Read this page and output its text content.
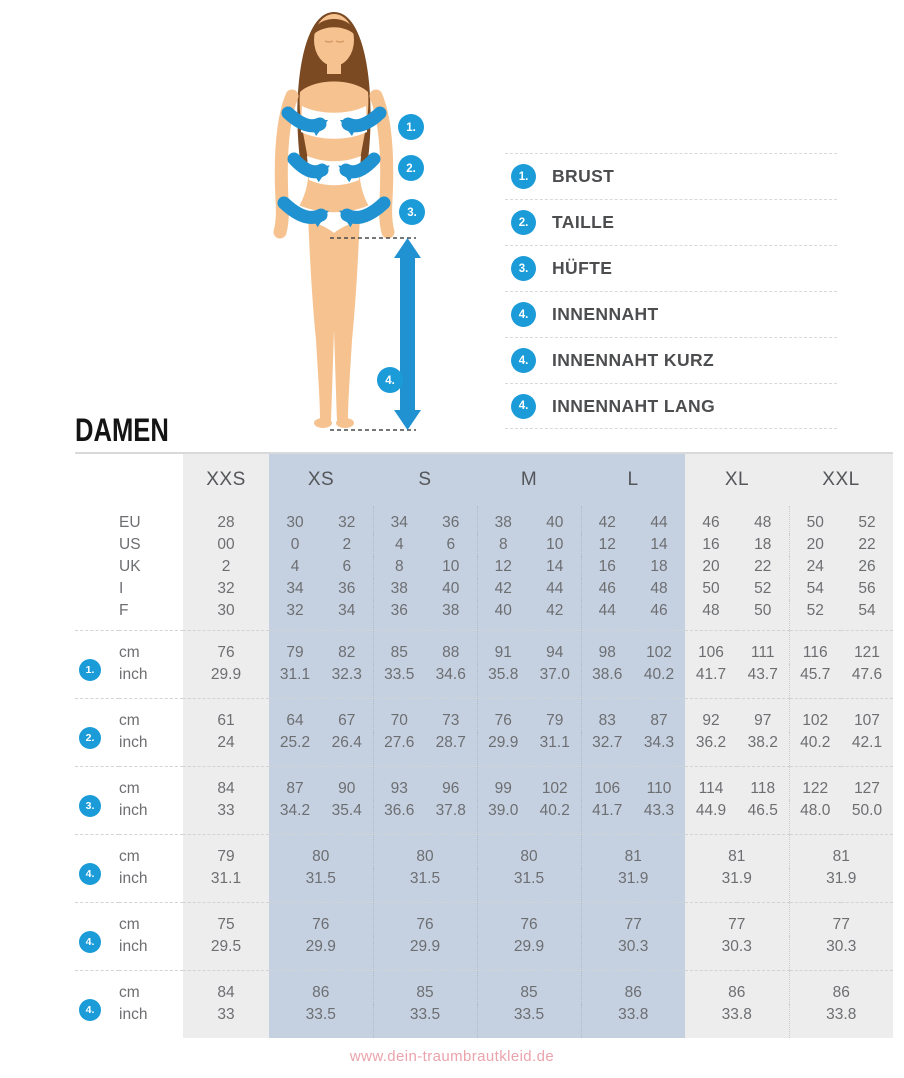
1.
2.
3.
4.
1.	BRUST
2.	TAILLE
3.	HÜFTE
4.	INNENNAHT
4.	INNENNAHT KURZ
4.	INNENNAHT LANG
DAMEN
		XXS	XS		S		M		L		XL		XXL	
	EU	28	30	32	34	36	38	40	42	44	46	48	50	52
	US	00	0	2	4	6	8	10	12	14	16	18	20	22
	UK	2	4	6	8	10	12	14	16	18	20	22	24	26
	I	32	34	36	38	40	42	44	46	48	50	52	54	56
	F	30	32	34	36	38	40	42	44	46	48	50	52	54

1.	cm	76	79	82	85	88	91	94	98	102	106	111	116	121
	inch	29.9	31.1	32.3	33.5	34.6	35.8	37.0	38.6	40.2	41.7	43.7	45.7	47.6

2.	cm	61	64	67	70	73	76	79	83	87	92	97	102	107
	inch	24	25.2	26.4	27.6	28.7	29.9	31.1	32.7	34.3	36.2	38.2	40.2	42.1

3.	cm	84	87	90	93	96	99	102	106	110	114	118	122	127
	inch	33	34.2	35.4	36.6	37.8	39.0	40.2	41.7	43.3	44.9	46.5	48.0	50.0

4.	cm	79	80		80		80		81		81		81	
	inch	31.1	31.5		31.5		31.5		31.9		31.9		31.9	

4.	cm	75	76		76		76		77		77		77	
	inch	29.5	29.9		29.9		29.9		30.3		30.3		30.3	

4.	cm	84	86		85		85		86		86		86	
	inch	33	33.5		33.5		33.5		33.8		33.8		33.8	
www.dein-traumbrautkleid.de
